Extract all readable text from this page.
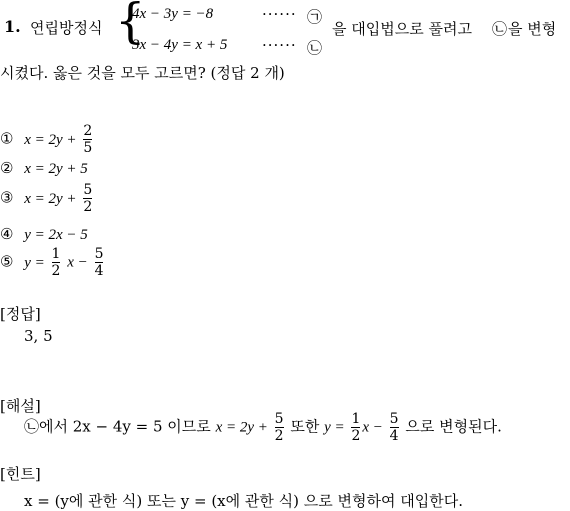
1. 연립방정식 {
4x − 3y = −8	······ ㉠
3x − 4y = x + 5 ······ ㉡
을 대입법으로 풀려고 ㉡ 을 변형
시켰다. 옳은 것을 모두 고르면? (정답 2 개)
① $x = 2y + \frac{2}{5}$
② x = 2y + 5
③ $x = 2y + \frac{5}{2}$
④ y = 2x − 5
⑤ $y = \frac{1}{2}$ $x - \frac{5}{4}$
[정답]
3, 5
[해설]
㉡에서 2x − 4y = 5 이므로 $x = 2y + \frac{5}{2}$ 또한 $y = \frac{1}{2}$ $x - \frac{5}{4}$ 으로 변형된다.
[힌트]
x = (y에 관한 식) 또는 y = (x에 관한 식) 으로 변형하여 대입한다.
